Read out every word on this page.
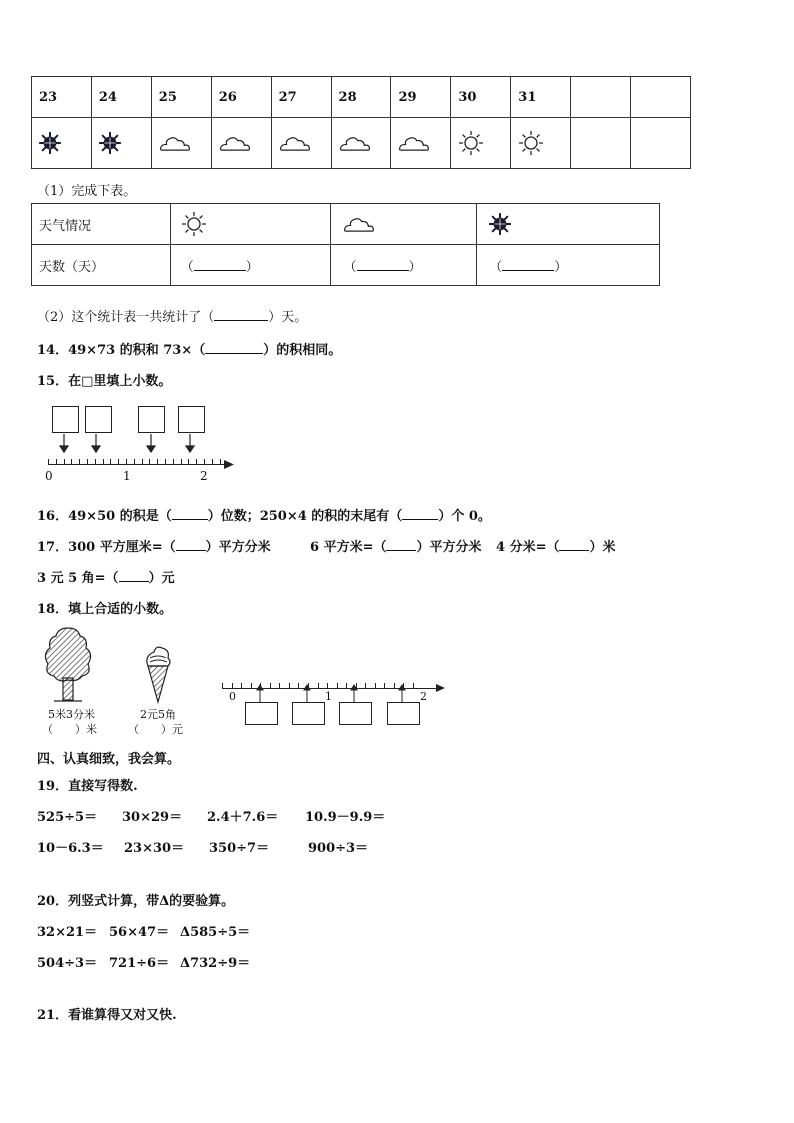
23	24	25	26	27	28	29	30	31		

（1）完成下表。
天气情况			
天数（天）	（ ）	（ ）	（ ）
（2）这个统计表一共统计了（	）天。
14．49×73 的积和 73×（	）的积相同。
15．在□里填上小数。
0	1	2
16．49×50 的积是（	）位数；250×4 的积的末尾有（	）个 0。
17．300 平方厘米=（ ）平方分米	6 平方米=（ ）平方分米 4 分米=（ ）米
3 元 5 角=（ ）元
18．填上合适的小数。
5米3分米
（　　）米
2元5角
（　　）元
0	1	2
四、认真细致，我会算。
19．直接写得数.
525÷5＝ 30×29＝ 2.4＋7.6＝ 10.9－9.9＝
10－6.3＝ 23×30＝ 350÷7＝	900÷3＝
20．列竖式计算，带Δ的要验算。
32×21＝ 56×47＝ Δ585÷5＝
504÷3＝ 721÷6＝ Δ732÷9＝
21．看谁算得又对又快.
